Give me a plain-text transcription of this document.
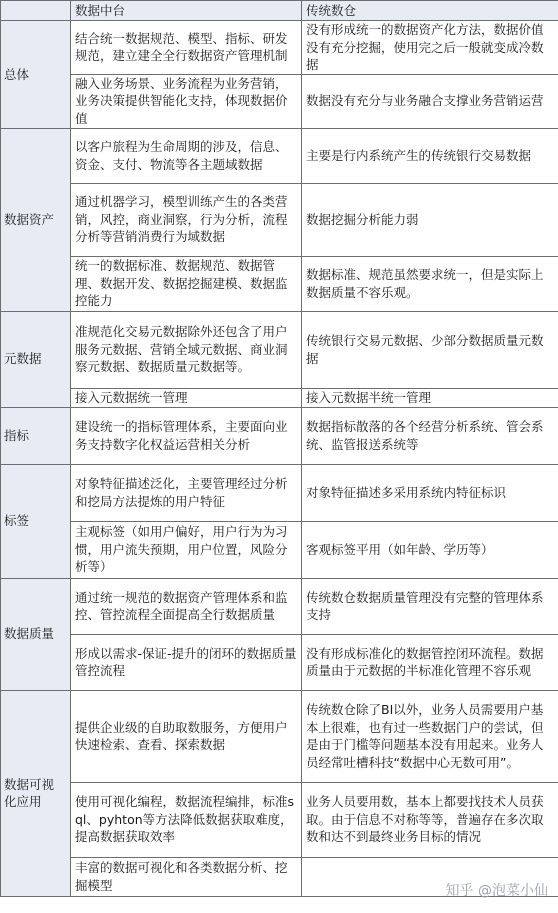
	数据中台	传统数仓
总体	结合统一数据规范、模型、指标、研发规范，建立建全全行数据资产管理机制	没有形成统一的数据资产化方法，数据价值没有充分挖掘，使用完之后一般就变成冷数据
	融入业务场景、业务流程为业务营销，业务决策提供智能化支持，体现数据价值	数据没有充分与业务融合支撑业务营销运营
数据资产	以客户旅程为生命周期的涉及，信息、资金、支付、物流等各主题域数据	主要是行内系统产生的传统银行交易数据
	通过机器学习，模型训练产生的各类营销，风控，商业洞察，行为分析，流程分析等营销消费行为域数据	数据挖掘分析能力弱
	统一的数据标准、数据规范、数据管理、数据开发、数据挖掘建模、数据监控能力	数据标准、规范虽然要求统一，但是实际上数据质量不容乐观。
元数据	准规范化交易元数据除外还包含了用户服务元数据、营销全域元数据、商业洞察元数据、数据质量元数据等。	传统银行交易元数据、少部分数据质量元数据
	接入元数据统一管理	接入元数据半统一管理
指标	建设统一的指标管理体系，主要面向业务支持数字化权益运营相关分析	数据指标散落的各个经营分析系统、管会系统、监管报送系统等
标签	对象特征描述泛化，主要管理经过分析和挖局方法提炼的用户特征	对象特征描述多采用系统内特征标识
	主观标签（如用户偏好，用户行为为习惯，用户流失预期，用户位置，风险分析等）	客观标签平用（如年龄、学历等）
数据质量	通过统一规范的数据资产管理体系和监控、管控流程全面提高全行数据质量	传统数仓数据质量管理没有完整的管理体系支持
	形成以需求-保证-提升的闭环的数据质量管控流程	没有形成标准化的数据管控闭环流程。数据质量由于元数据的半标准化管理不容乐观
数据可视化应用	提供企业级的自助取数服务，方便用户快速检索、查看、探索数据	传统数仓除了BI以外，业务人员需要用户基本上很难，也有过一些数据门户的尝试，但是由于门槛等问题基本没有用起来。业务人员经常吐槽科技“数据中心无数可用”。
	使用可视化编程，数据流程编排，标准sql、pyhton等方法降低数据获取难度，提高数据获取效率	业务人员要用数，基本上都要找技术人员获取。由于信息不对称等等，普遍存在多次取数和达不到最终业务目标的情况
	丰富的数据可视化和各类数据分析、挖掘模型		知乎 @泡菜小仙
